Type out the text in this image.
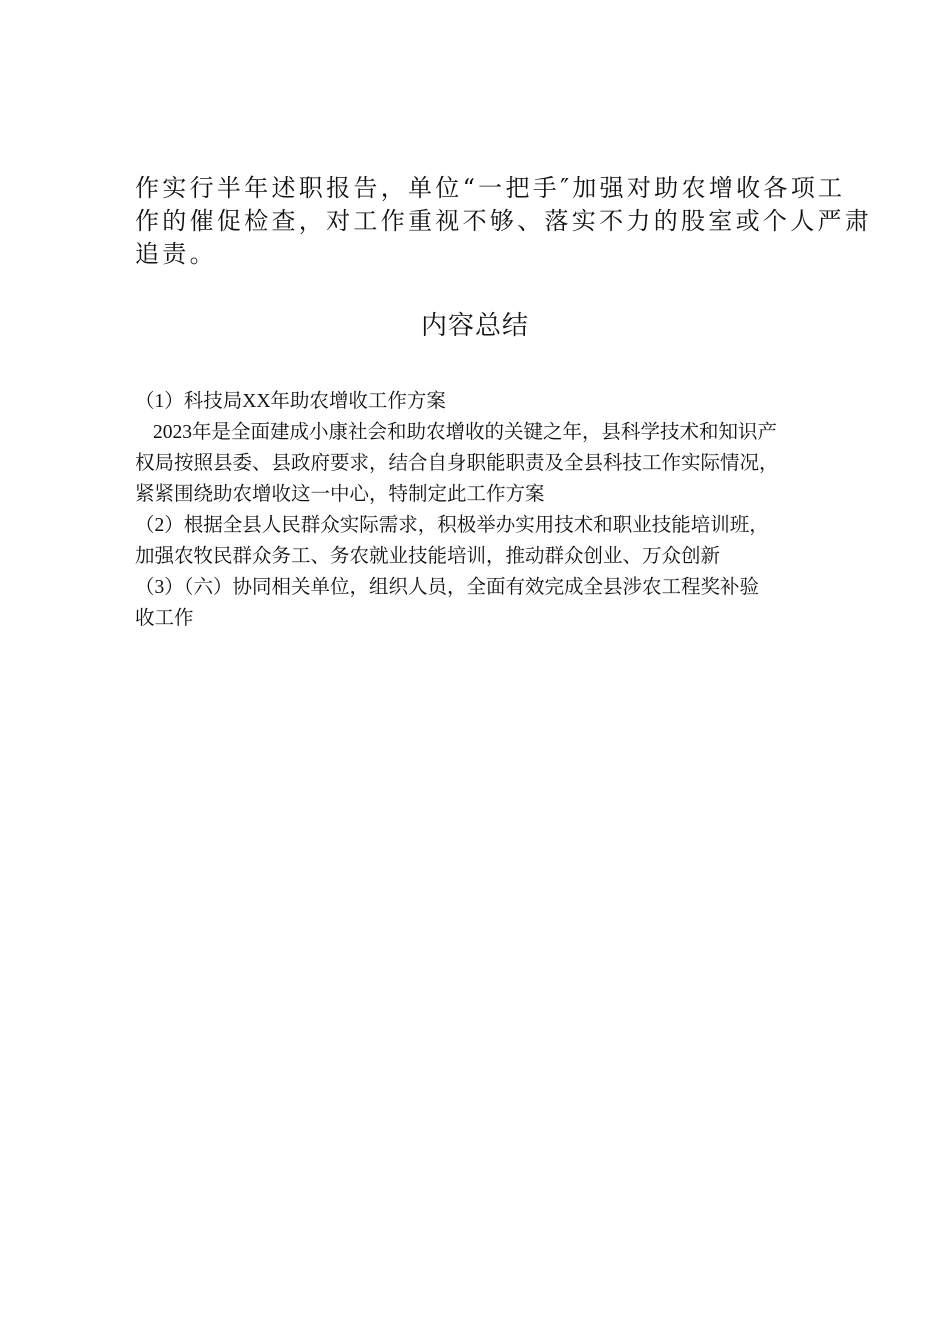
作实行半年述职报告，单位“一把手″加强对助农增收各项工
作的催促检查，对工作重视不够、落实不力的股室或个人严肃
追责。

内容总结
（1）科技局XX年助农增收工作方案
2023年是全面建成小康社会和助农增收的关键之年，县科学技术和知识产
权局按照县委、县政府要求，结合自身职能职责及全县科技工作实际情况，
紧紧围绕助农增收这一中心，特制定此工作方案
（2）根据全县人民群众实际需求，积极举办实用技术和职业技能培训班，
加强农牧民群众务工、务农就业技能培训，推动群众创业、万众创新
（3）（六）协同相关单位，组织人员，全面有效完成全县涉农工程奖补验
收工作
